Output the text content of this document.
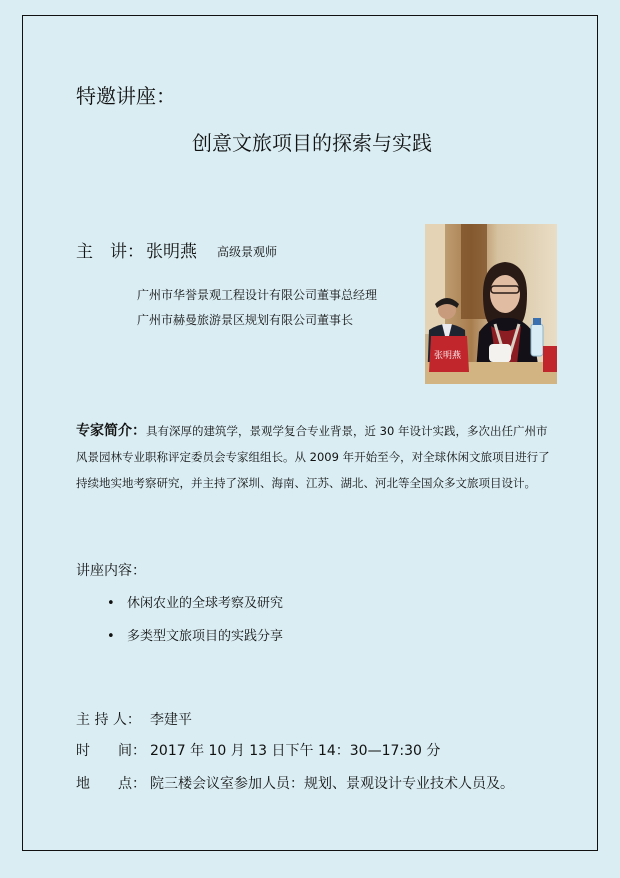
特邀讲座：
创意文旅项目的探索与实践
主　讲： 张明燕 高级景观师
广州市华誉景观工程设计有限公司董事总经理
广州市赫曼旅游景区规划有限公司董事长
张明燕
专家简介：具有深厚的建筑学，景观学复合专业背景，近 30 年设计实践，多次出任广州市风景园林专业职称评定委员会专家组组长。从 2009 年开始至今，对全球休闲文旅项目进行了持续地实地考察研究，并主持了深圳、海南、江苏、湖北、河北等全国众多文旅项目设计。
讲座内容：
• 休闲农业的全球考察及研究
• 多类型文旅项目的实践分享
主 持 人： 李建平
时　　间： 2017 年 10 月 13 日下午 14：30—17:30 分
地　　点： 院三楼会议室参加人员：规划、景观设计专业技术人员及。
